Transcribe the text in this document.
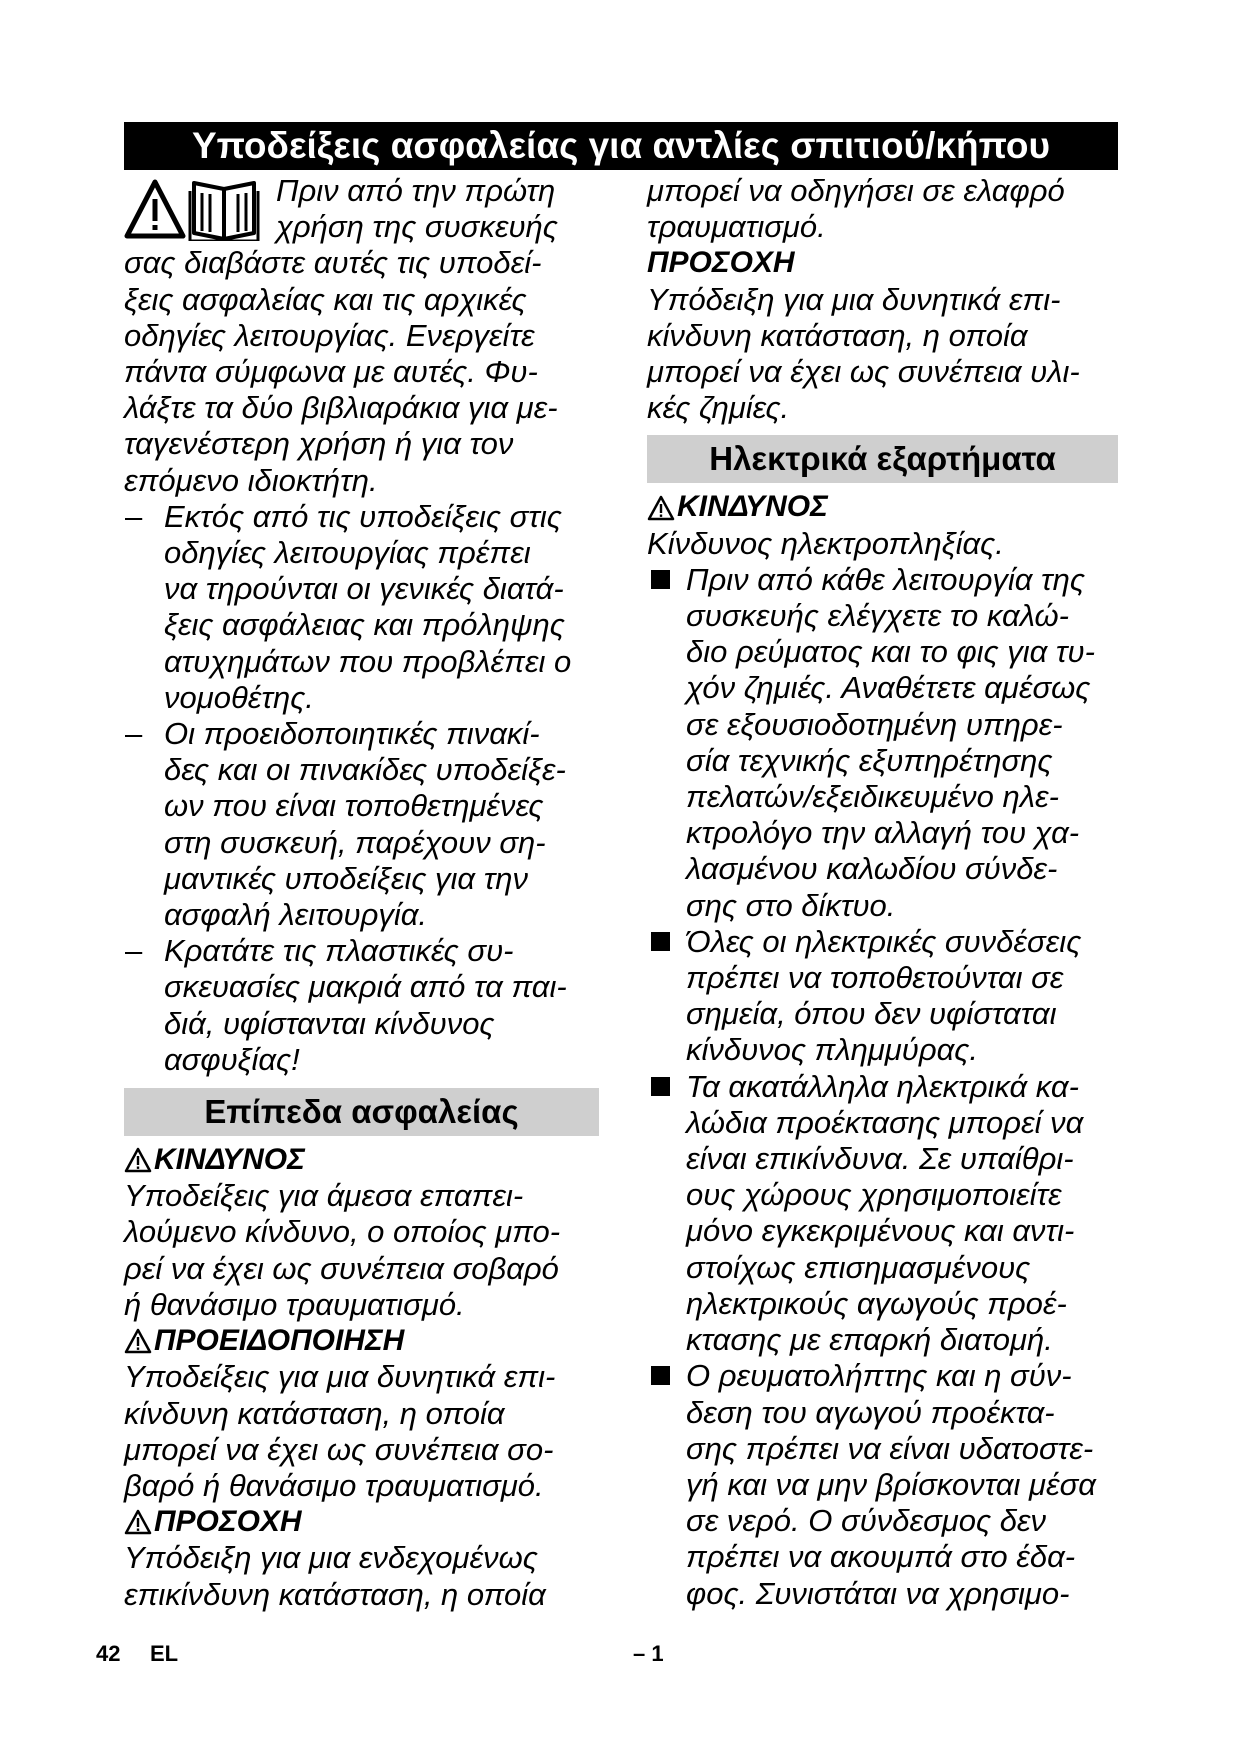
Υποδείξεις ασφαλείας για αντλίες σπιτιού/κήπου
Πριν από την πρώτη
χρήση της συσκευής
σας διαβάστε αυτές τις υποδεί-
ξεις ασφαλείας και τις αρχικές
οδηγίες λειτουργίας. Ενεργείτε
πάντα σύμφωνα με αυτές. Φυ-
λάξτε τα δύο βιβλιαράκια για με-
ταγενέστερη χρήση ή για τον
επόμενο ιδιοκτήτη.
– Εκτός από τις υποδείξεις στις
οδηγίες λειτουργίας πρέπει
να τηρούνται οι γενικές διατά-
ξεις ασφάλειας και πρόληψης
ατυχημάτων που προβλέπει ο
νομοθέτης.
– Οι προειδοποιητικές πινακί-
δες και οι πινακίδες υποδείξε-
ων που είναι τοποθετημένες
στη συσκευή, παρέχουν ση-
μαντικές υποδείξεις για την
ασφαλή λειτουργία.
– Κρατάτε τις πλαστικές συ-
σκευασίες μακριά από τα παι-
διά, υφίστανται κίνδυνος
ασφυξίας!
Επίπεδα ασφαλείας
ΚΙΝΔΥΝΟΣ
Υποδείξεις για άμεσα επαπει-
λούμενο κίνδυνο, ο οποίος μπο-
ρεί να έχει ως συνέπεια σοβαρό
ή θανάσιμο τραυματισμό.
ΠΡΟΕΙΔΟΠΟΙΗΣΗ
Υποδείξεις για μια δυνητικά επι-
κίνδυνη κατάσταση, η οποία
μπορεί να έχει ως συνέπεια σο-
βαρό ή θανάσιμο τραυματισμό.
ΠΡΟΣΟΧΗ
Υπόδειξη για μια ενδεχομένως
επικίνδυνη κατάσταση, η οποία
μπορεί να οδηγήσει σε ελαφρό
τραυματισμό.
ΠΡΟΣΟΧΗ
Υπόδειξη για μια δυνητικά επι-
κίνδυνη κατάσταση, η οποία
μπορεί να έχει ως συνέπεια υλι-
κές ζημίες.
Ηλεκτρικά εξαρτήματα
ΚΙΝΔΥΝΟΣ
Κίνδυνος ηλεκτροπληξίας.
Πριν από κάθε λειτουργία της
συσκευής ελέγχετε το καλώ-
διο ρεύματος και το φις για τυ-
χόν ζημιές. Αναθέτετε αμέσως
σε εξουσιοδοτημένη υπηρε-
σία τεχνικής εξυπηρέτησης
πελατών/εξειδικευμένο ηλε-
κτρολόγο την αλλαγή του χα-
λασμένου καλωδίου σύνδε-
σης στο δίκτυο.
Όλες οι ηλεκτρικές συνδέσεις
πρέπει να τοποθετούνται σε
σημεία, όπου δεν υφίσταται
κίνδυνος πλημμύρας.
Τα ακατάλληλα ηλεκτρικά κα-
λώδια προέκτασης μπορεί να
είναι επικίνδυνα. Σε υπαίθρι-
ους χώρους χρησιμοποιείτε
μόνο εγκεκριμένους και αντι-
στοίχως επισημασμένους
ηλεκτρικούς αγωγούς προέ-
κτασης με επαρκή διατομή.
Ο ρευματολήπτης και η σύν-
δεση του αγωγού προέκτα-
σης πρέπει να είναι υδατοστε-
γή και να μην βρίσκονται μέσα
σε νερό. Ο σύνδεσμος δεν
πρέπει να ακουμπά στο έδα-
φος. Συνιστάται να χρησιμο-
42 EL	– 1
